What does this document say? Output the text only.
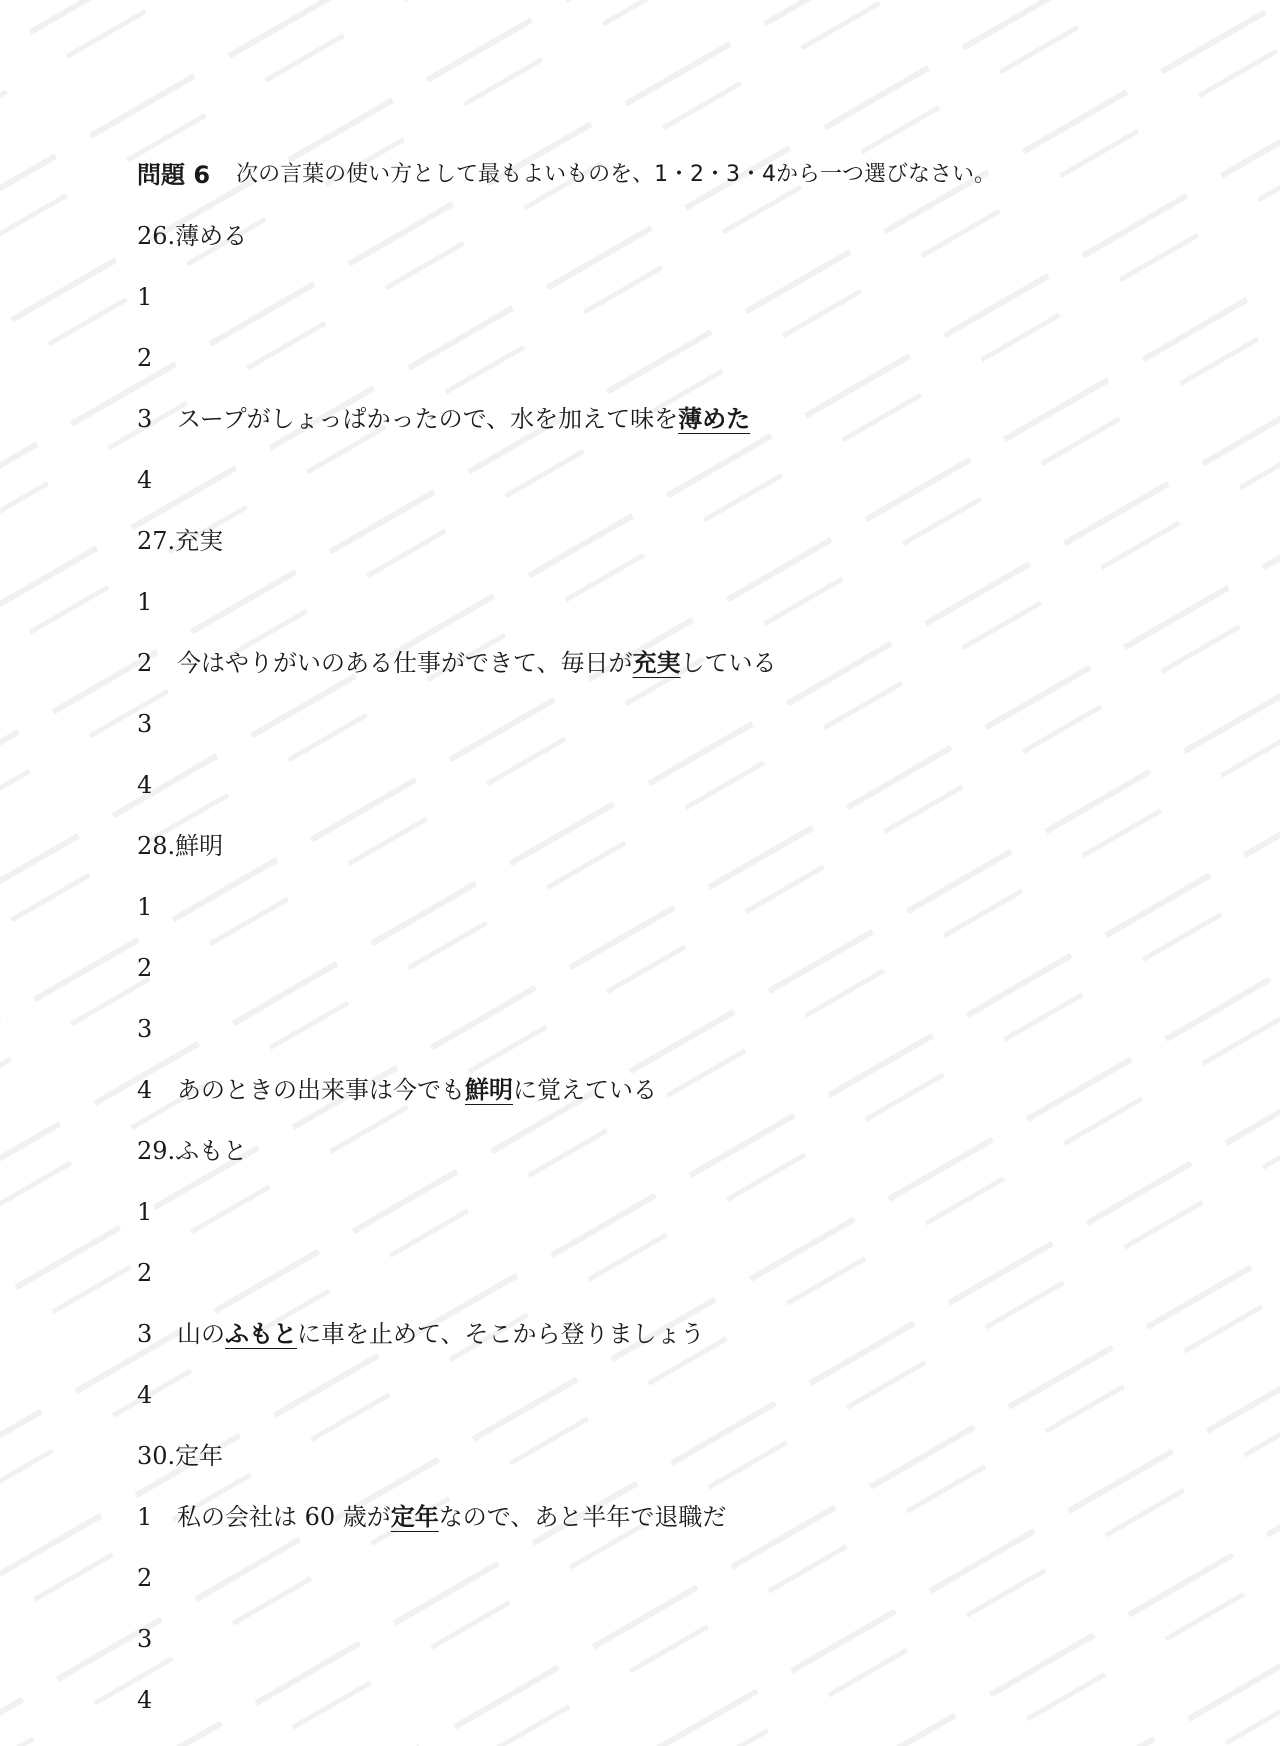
問題 6 次の言葉の使い方として最もよいものを、1・2・3・4から一つ選びなさい。
26.薄める
1
2
3	スープがしょっぱかったので、水を加えて味を薄めた
4
27.充実
1
2	今はやりがいのある仕事ができて、毎日が充実している
3
4
28.鮮明
1
2
3
4	あのときの出来事は今でも鮮明に覚えている
29.ふもと
1
2
3	山のふもとに車を止めて、そこから登りましょう
4
30.定年
1	私の会社は 60 歳が定年なので、あと半年で退職だ
2
3
4
